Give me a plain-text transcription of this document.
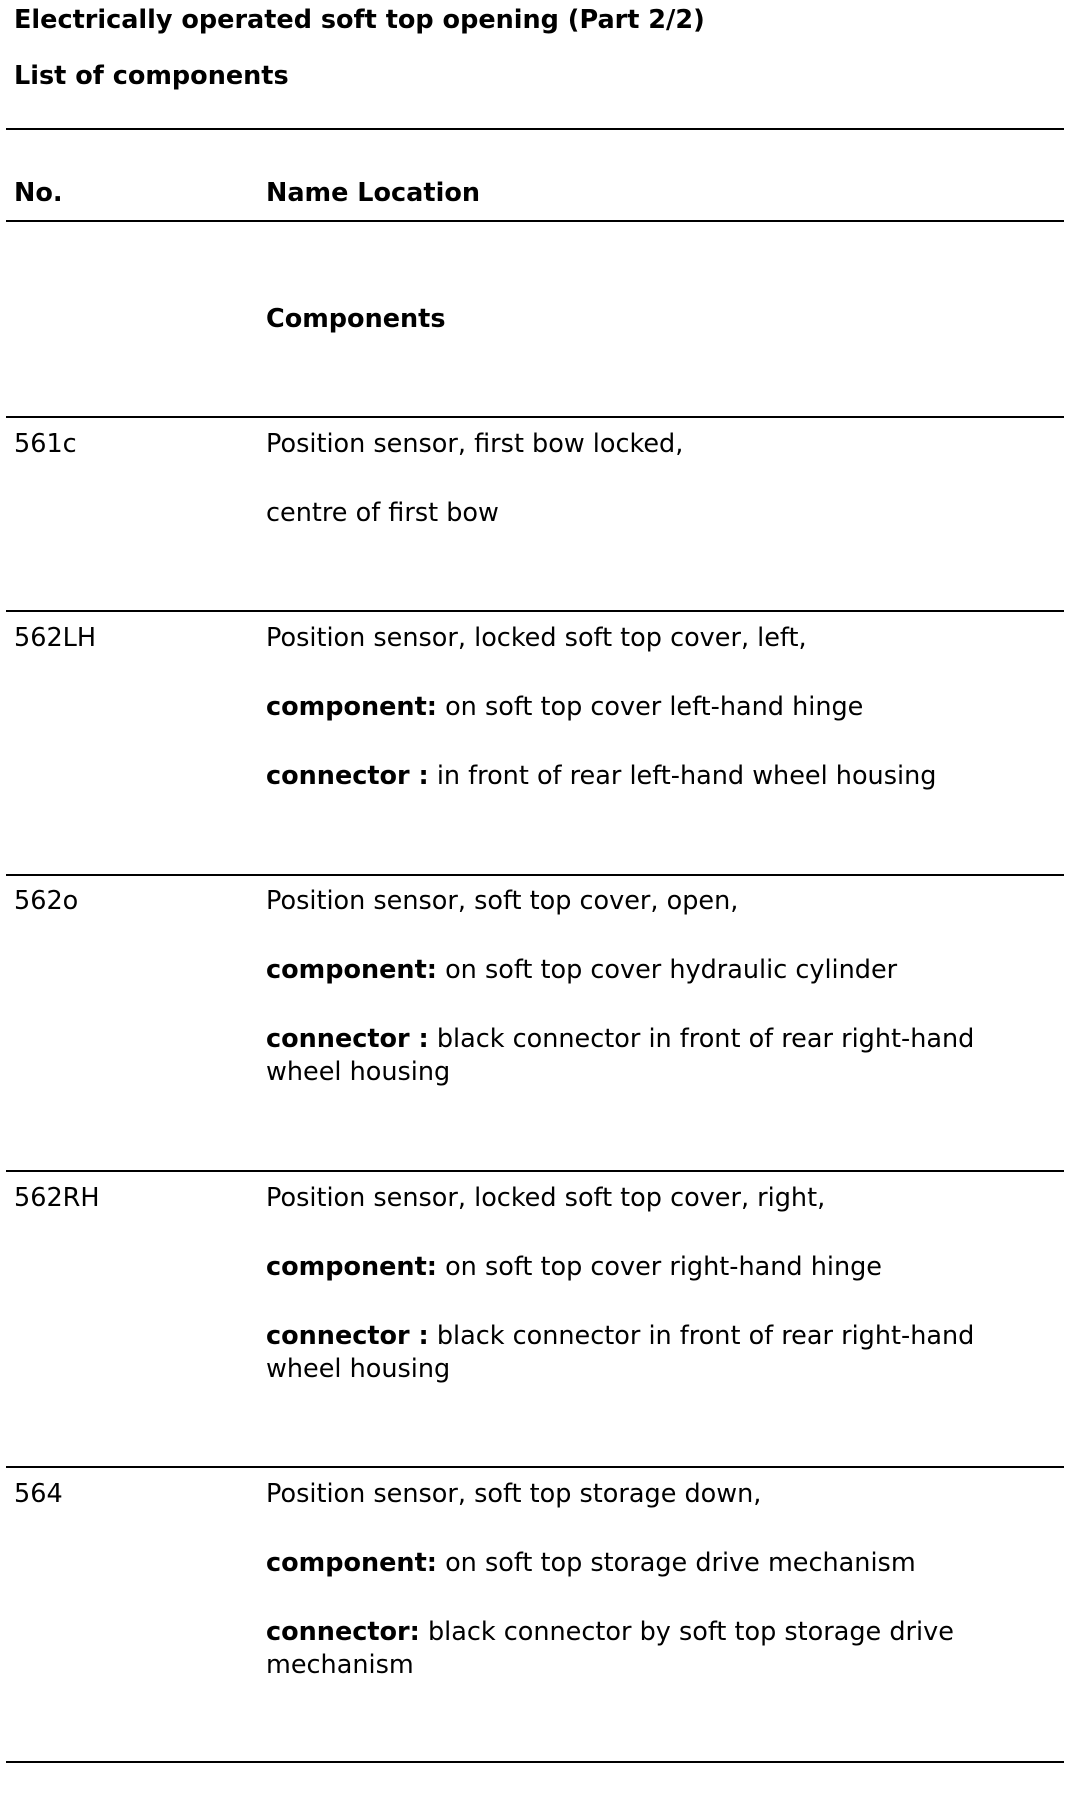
Electrically operated soft top opening (Part 2/2)
List of components
No.	Name Location
Components
561c	Position sensor, first bow locked,
centre of first bow
562LH	Position sensor, locked soft top cover, left,
component: on soft top cover left-hand hinge
connector : in front of rear left-hand wheel housing
562o	Position sensor, soft top cover, open,
component: on soft top cover hydraulic cylinder
connector : black connector in front of rear right-hand wheel housing
562RH	Position sensor, locked soft top cover, right,
component: on soft top cover right-hand hinge
connector : black connector in front of rear right-hand wheel housing
564	Position sensor, soft top storage down,
component: on soft top storage drive mechanism
connector: black connector by soft top storage drive mechanism
